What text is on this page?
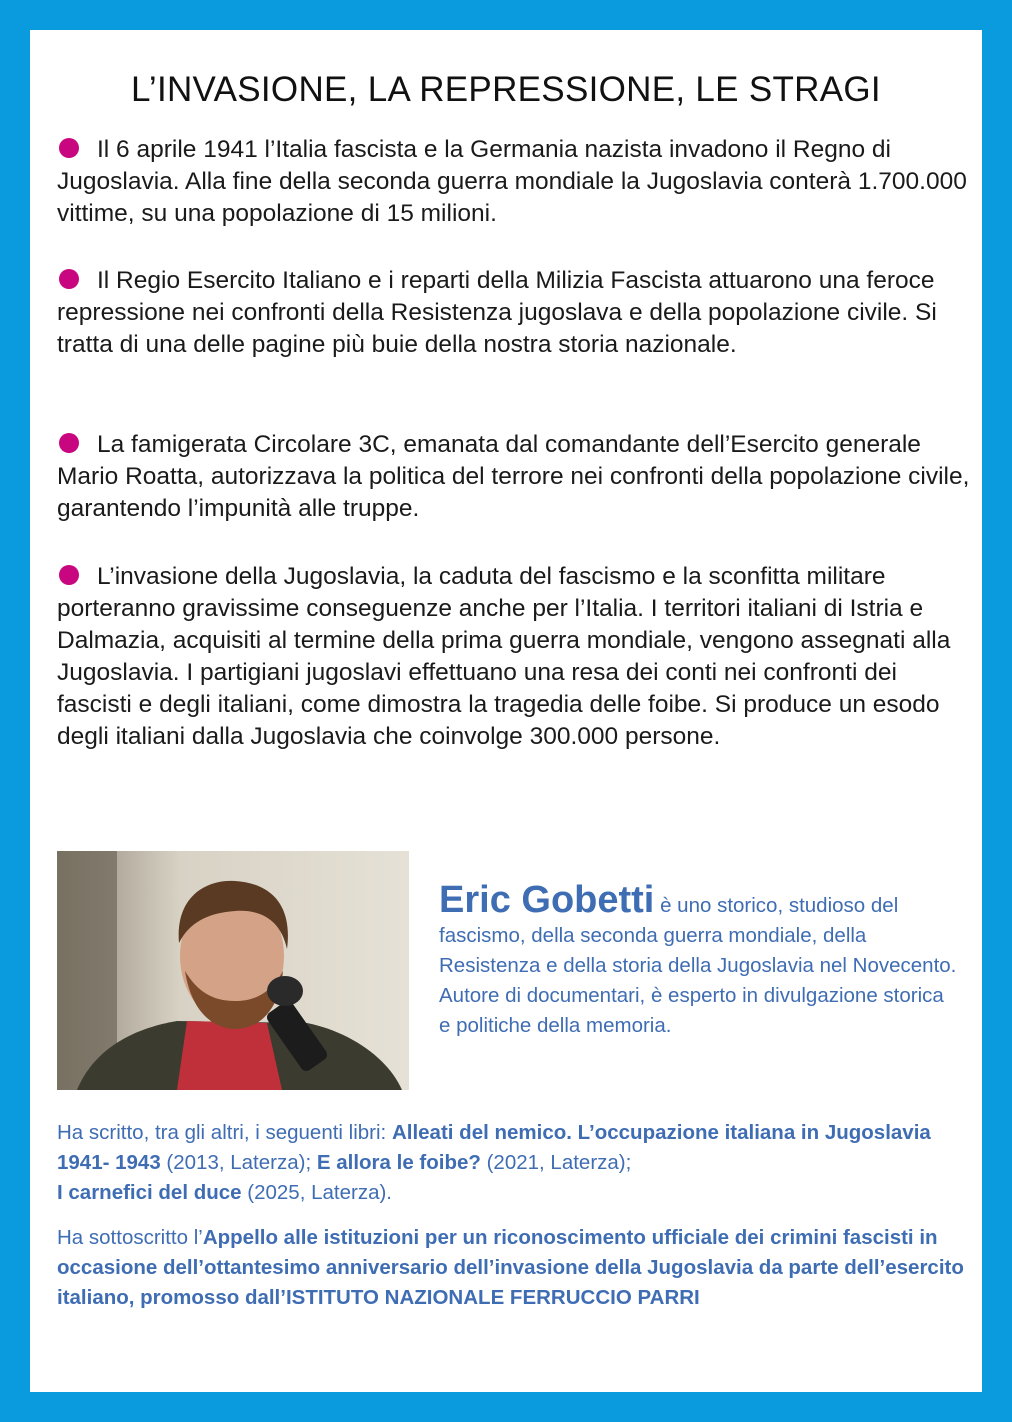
L’INVASIONE, LA REPRESSIONE, LE STRAGI

Il 6 aprile 1941 l’Italia fascista e la Germania nazista invadono il Regno di Jugoslavia. Alla fine della seconda guerra mondiale la Jugoslavia conterà 1.700.000 vittime, su una popolazione di 15 milioni.

Il Regio Esercito Italiano e i reparti della Milizia Fascista attuarono una feroce repressione nei confronti della Resistenza jugoslava e della popolazione civile. Si tratta di una delle pagine più buie della nostra storia nazionale.

La famigerata Circolare 3C, emanata dal comandante dell’Esercito generale Mario Roatta, autorizzava la politica del terrore nei confronti della popolazione civile, garantendo l’impunità alle truppe.

L’invasione della Jugoslavia, la caduta del fascismo e la sconfitta militare porteranno gravissime conseguenze anche per l’Italia. I territori italiani di Istria e Dalmazia, acquisiti al termine della prima guerra mondiale, vengono assegnati alla Jugoslavia. I partigiani jugoslavi effettuano una resa dei conti nei confronti dei fascisti e degli italiani, come dimostra la tragedia delle foibe. Si produce un esodo degli italiani dalla Jugoslavia che coinvolge 300.000 persone.

Eric Gobetti è uno storico, studioso del fascismo, della seconda guerra mondiale, della Resistenza e della storia della Jugoslavia nel Novecento.
Autore di documentari, è esperto in divulgazione storica e politiche della memoria.

Ha scritto, tra gli altri, i seguenti libri: Alleati del nemico. L’occupazione italiana in Jugoslavia 1941- 1943 (2013, Laterza); E allora le foibe? (2021, Laterza);
I carnefici del duce (2025, Laterza).

Ha sottoscritto l’Appello alle istituzioni per un riconoscimento ufficiale dei crimini fascisti in occasione dell’ottantesimo anniversario dell’invasione della Jugoslavia da parte dell’esercito italiano, promosso dall’ISTITUTO NAZIONALE FERRUCCIO PARRI
